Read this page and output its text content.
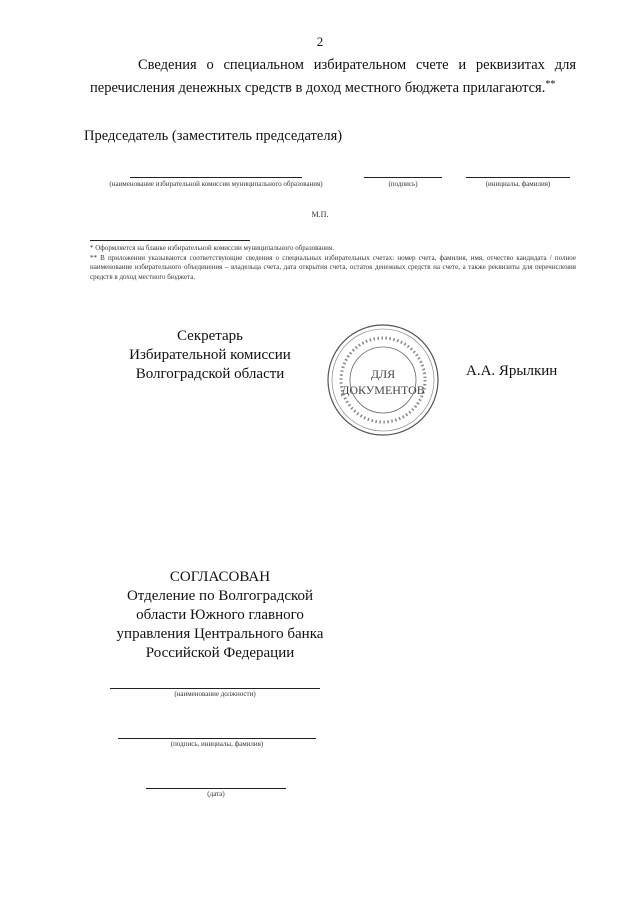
2
Сведения о специальном избирательном счете и реквизитах для
перечисления денежных средств в доход местного бюджета прилагаются.**
Председатель (заместитель председателя)
(наименование избирательной комиссии муниципального образования)	(подпись)	(инициалы, фамилия)
М.П.

* Оформляется на бланке избирательной комиссии муниципального образования.

** В приложении указываются соответствующие сведения о специальных избирательных счетах: номер счета, фамилия, имя, отчество кандидата / полное наименование избирательного объединения – владельца счета, дата открытия счета, остаток денежных средств на счете, а также реквизиты для перечисления средств в доход местного бюджета.

Секретарь
Избирательной комиссии
Волгоградской области	ДЛЯ
ДОКУМЕНТОВ
А.А. Ярылкин
СОГЛАСОВАН
Отделение по Волгоградской
области Южного главного
управления Центрального банка
Российской Федерации
(наименование должности)
(подпись, инициалы, фамилия)
(дата)
